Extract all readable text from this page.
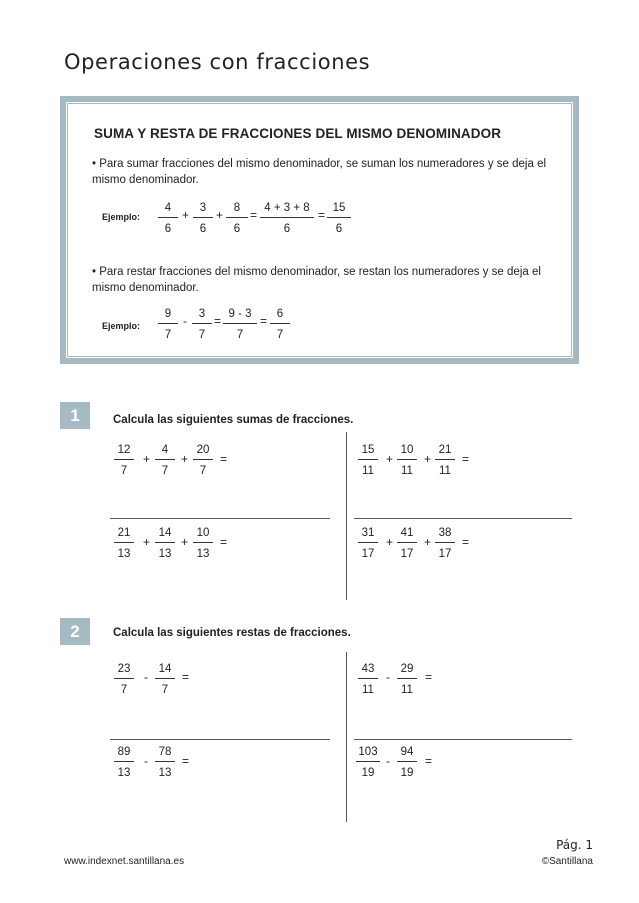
Operaciones con fracciones
SUMA Y RESTA DE FRACCIONES DEL MISMO DENOMINADOR
• Para sumar fracciones del mismo denominador, se suman los numeradores y se deja el mismo denominador.
Ejemplo:
4
6
+ 3
6
+ 8
6
= 4 + 3 + 8
6
= 15
6
• Para restar fracciones del mismo denominador, se restan los numeradores y se deja el mismo denominador.
Ejemplo:
9
7
-	3
7
= 9 - 3
7
= 6
7
1	Calcula las siguientes sumas de fracciones.
12
7
+
4
7
+
20
7
=
15
11
+
10
11
+
21
11
=
21
13
+
14
13
+
10
13
=
31
17
+
41
17
+
38
17
=
2	Calcula las siguientes restas de fracciones.
23
7
-
14
7
=
43
11
-
29
11
=
89
13
-
78
13
=
103
19
-
94
19
=
Pág. 1
www.indexnet.santillana.es	©Santillana
